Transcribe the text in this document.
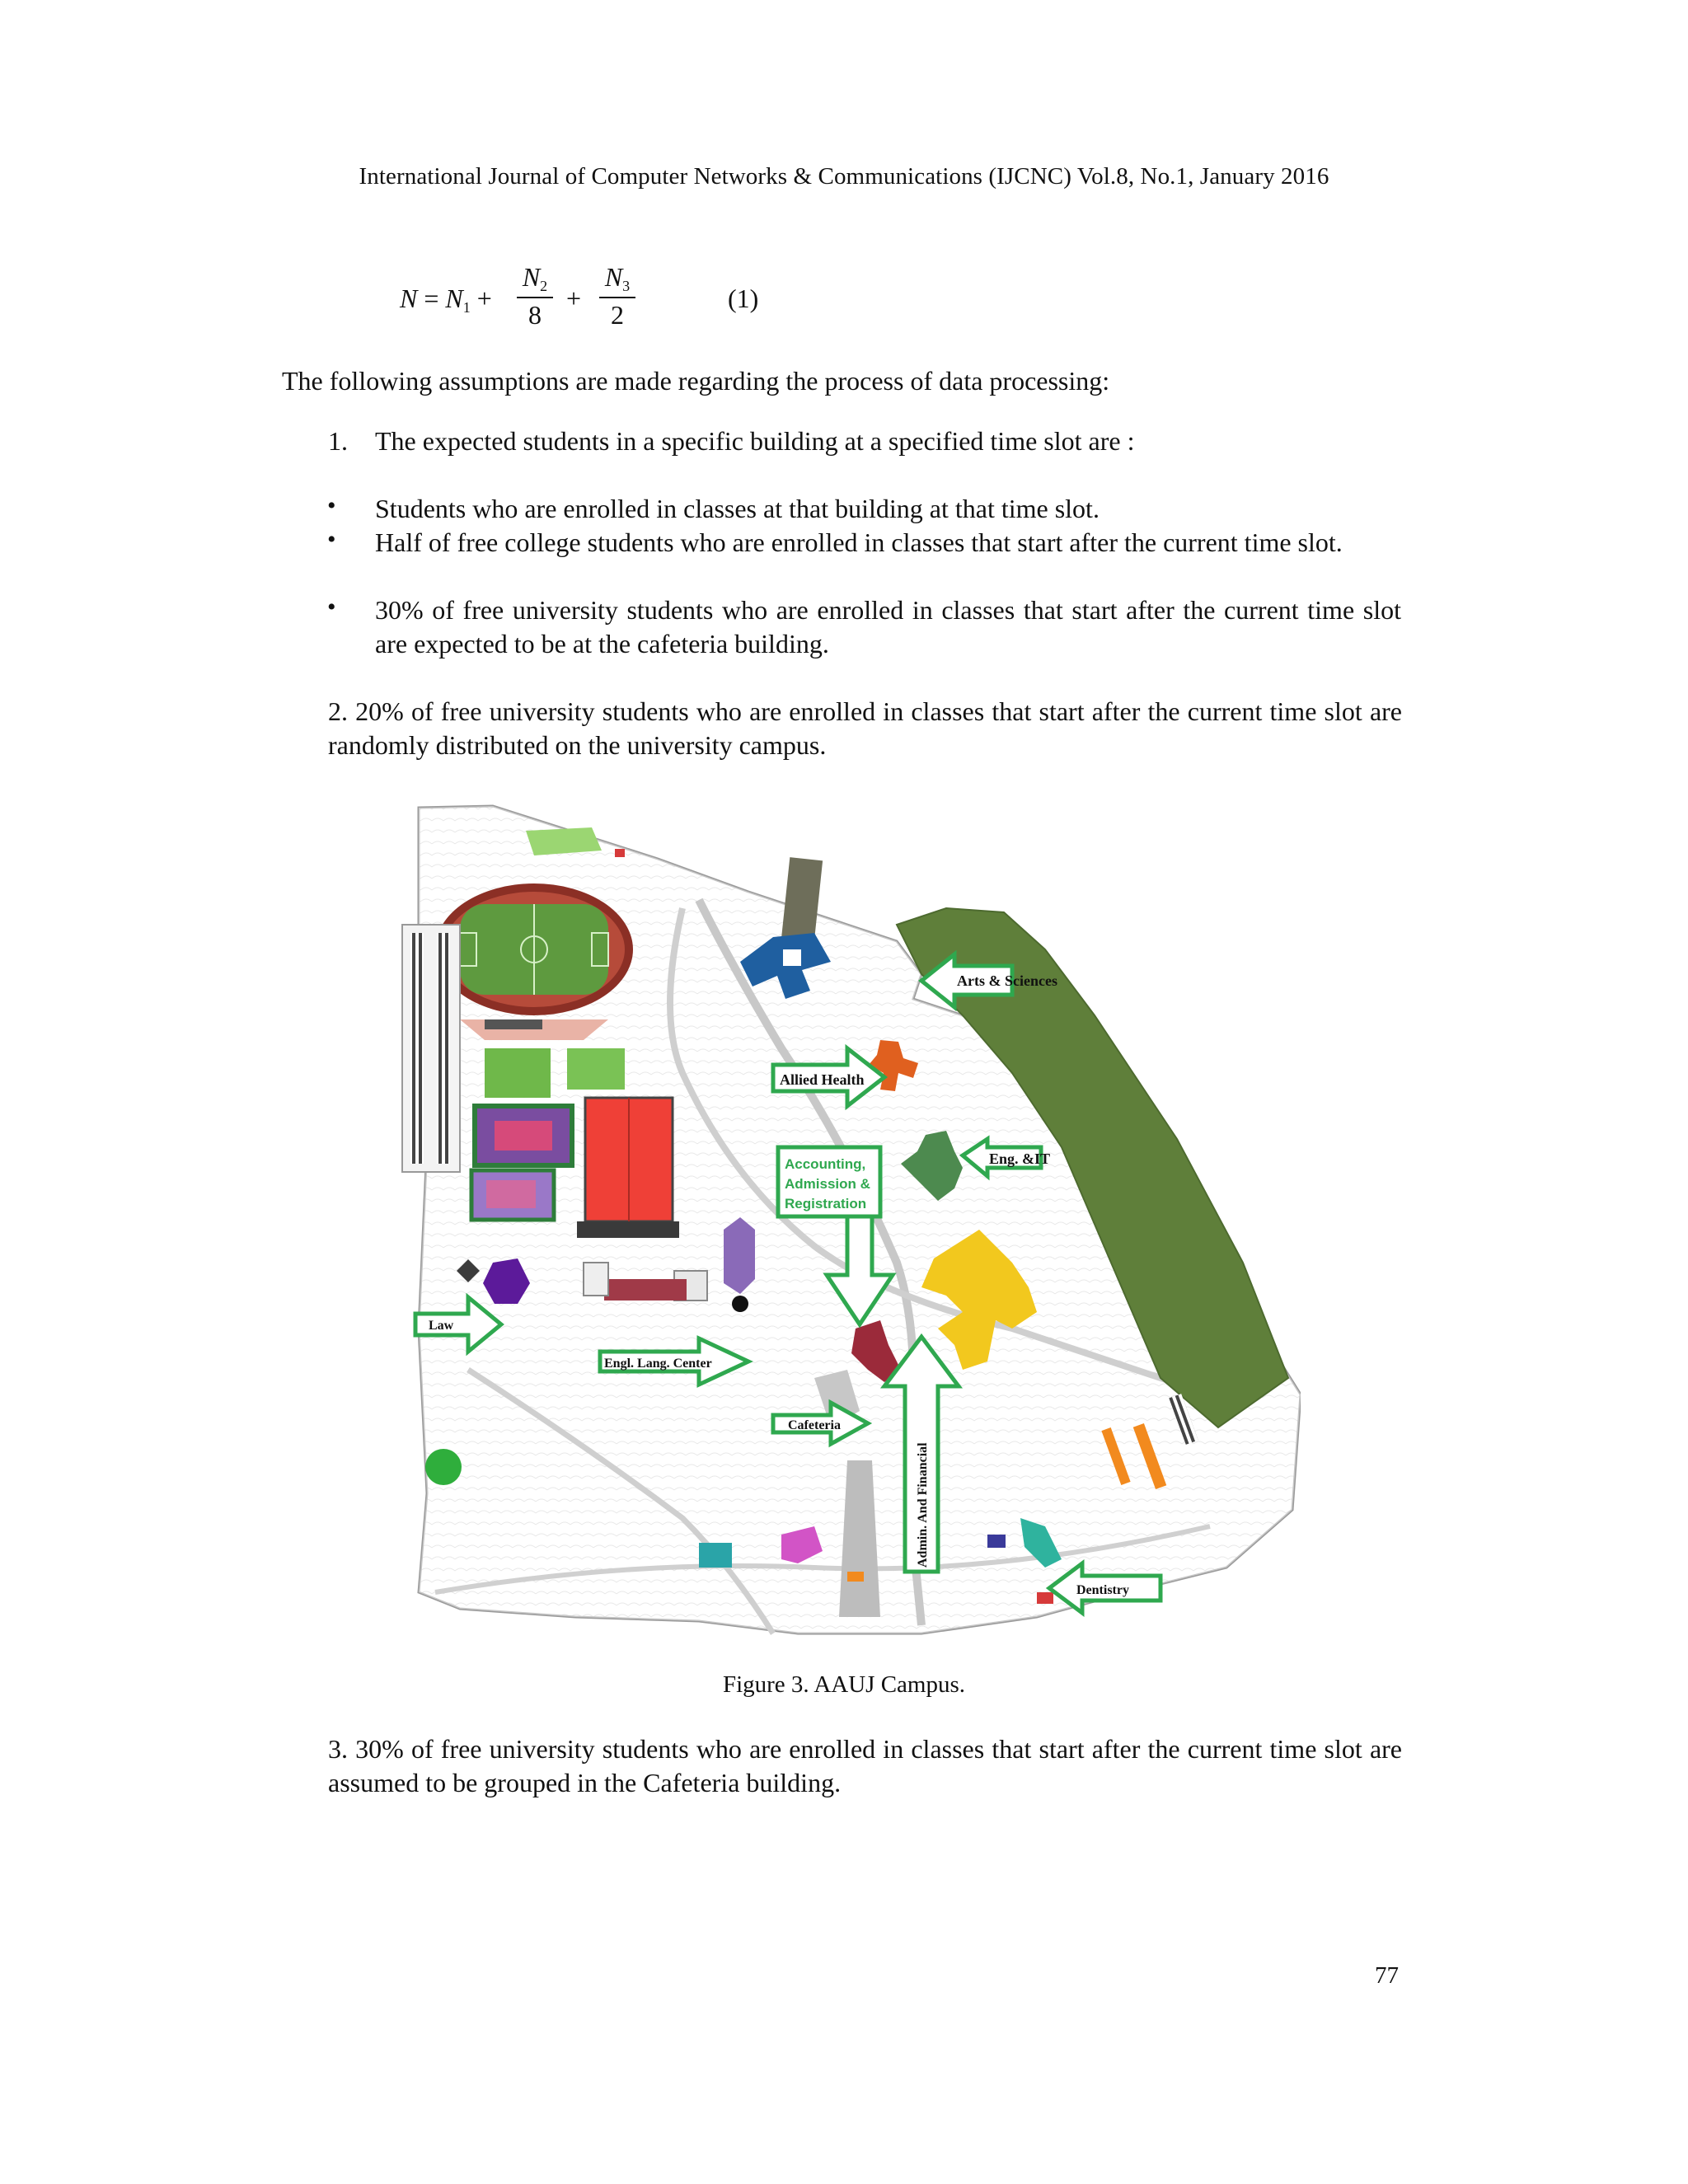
International Journal of Computer Networks & Communications (IJCNC) Vol.8, No.1, January 2016
$N = N_1$ +
$N_2$
8
+
$N_3$
2
(1)
The following assumptions are made regarding the process of data processing:
1. The expected students in a specific building at a specified time slot are :
• Students who are enrolled in classes at that building at that time slot.
• Half of free college students who are enrolled in classes that start after the current time slot.
• 30% of free university students who are enrolled in classes that start after the current time slot are expected to be at the cafeteria building.
2. 20% of free university students who are enrolled in classes that start after the current time slot are randomly distributed on the university campus.
Arts & Sciences
Allied Health
Eng. &IT
Accounting,
Admission &
Registration
Law
Engl. Lang. Center
Cafeteria
Admin. And Financial
Dentistry
Figure 3. AAUJ Campus.
3. 30% of free university students who are enrolled in classes that start after the current time slot are assumed to be grouped in the Cafeteria building.
77
